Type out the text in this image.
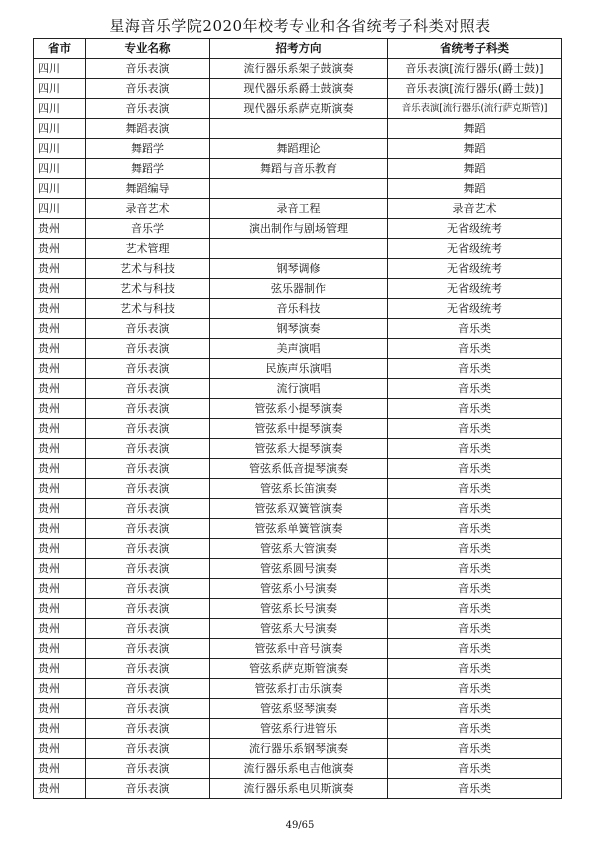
星海音乐学院2020年校考专业和各省统考子科类对照表
省市	专业名称	招考方向	省统考子科类
四川	音乐表演	流行器乐系架子鼓演奏	音乐表演[流行器乐(爵士鼓)]
四川	音乐表演	现代器乐系爵士鼓演奏	音乐表演[流行器乐(爵士鼓)]
四川	音乐表演	现代器乐系萨克斯演奏	音乐表演[流行器乐(流行萨克斯管)]
四川	舞蹈表演		舞蹈
四川	舞蹈学	舞蹈理论	舞蹈
四川	舞蹈学	舞蹈与音乐教育	舞蹈
四川	舞蹈编导		舞蹈
四川	录音艺术	录音工程	录音艺术
贵州	音乐学	演出制作与剧场管理	无省级统考
贵州	艺术管理		无省级统考
贵州	艺术与科技	钢琴调修	无省级统考
贵州	艺术与科技	弦乐器制作	无省级统考
贵州	艺术与科技	音乐科技	无省级统考
贵州	音乐表演	钢琴演奏	音乐类
贵州	音乐表演	美声演唱	音乐类
贵州	音乐表演	民族声乐演唱	音乐类
贵州	音乐表演	流行演唱	音乐类
贵州	音乐表演	管弦系小提琴演奏	音乐类
贵州	音乐表演	管弦系中提琴演奏	音乐类
贵州	音乐表演	管弦系大提琴演奏	音乐类
贵州	音乐表演	管弦系低音提琴演奏	音乐类
贵州	音乐表演	管弦系长笛演奏	音乐类
贵州	音乐表演	管弦系双簧管演奏	音乐类
贵州	音乐表演	管弦系单簧管演奏	音乐类
贵州	音乐表演	管弦系大管演奏	音乐类
贵州	音乐表演	管弦系圆号演奏	音乐类
贵州	音乐表演	管弦系小号演奏	音乐类
贵州	音乐表演	管弦系长号演奏	音乐类
贵州	音乐表演	管弦系大号演奏	音乐类
贵州	音乐表演	管弦系中音号演奏	音乐类
贵州	音乐表演	管弦系萨克斯管演奏	音乐类
贵州	音乐表演	管弦系打击乐演奏	音乐类
贵州	音乐表演	管弦系竖琴演奏	音乐类
贵州	音乐表演	管弦系行进管乐	音乐类
贵州	音乐表演	流行器乐系钢琴演奏	音乐类
贵州	音乐表演	流行器乐系电吉他演奏	音乐类
贵州	音乐表演	流行器乐系电贝斯演奏	音乐类
49/65
